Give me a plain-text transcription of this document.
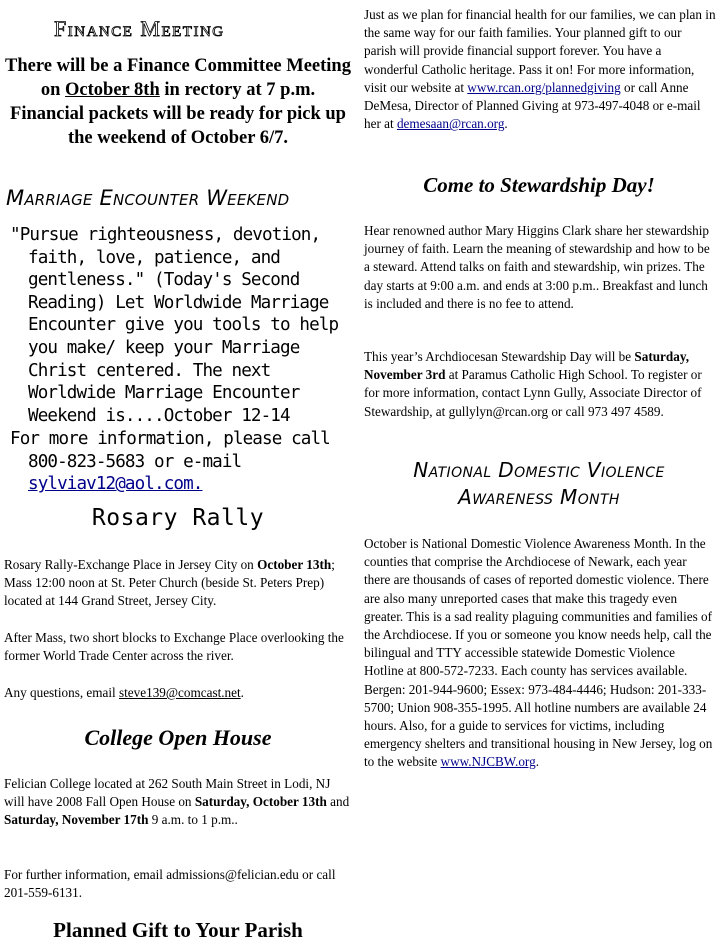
Finance Meeting

There will be a Finance Committee Meeting on October 8th in rectory at 7 p.m. Financial packets will be ready for pick up the weekend of October 6/7.

Marriage Encounter Weekend

"Pursue righteousness, devotion, faith, love, patience, and gentleness." (Today's Second Reading) Let Worldwide Marriage Encounter give you tools to help you make/ keep your Marriage Christ centered. The next Worldwide Marriage Encounter Weekend is....October 12-14

For more information, please call 800-823-5683 or e-mail sylviav12@aol.com.

Rosary Rally

Rosary Rally-Exchange Place in Jersey City on October 13th; Mass 12:00 noon at St. Peter Church (beside St. Peters Prep) located at 144 Grand Street, Jersey City.

After Mass, two short blocks to Exchange Place overlooking the former World Trade Center across the river.

Any questions, email steve139@comcast.net.

College Open House

Felician College located at 262 South Main Street in Lodi, NJ will have 2008 Fall Open House on Saturday, October 13th and Saturday, November 17th 9 a.m. to 1 p.m..

For further information, email admissions@felician.edu or call 201-559-6131.

Planned Gift to Your Parish

Just as we plan for financial health for our families, we can plan in the same way for our faith families. Your planned gift to our parish will provide financial support forever. You have a wonderful Catholic heritage. Pass it on! For more information, visit our website at www.rcan.org/plannedgiving or call Anne DeMesa, Director of Planned Giving at 973-497-4048 or e-mail her at demesaan@rcan.org.

Come to Stewardship Day!

Hear renowned author Mary Higgins Clark share her stewardship journey of faith. Learn the meaning of stewardship and how to be a steward. Attend talks on faith and stewardship, win prizes. The day starts at 9:00 a.m. and ends at 3:00 p.m.. Breakfast and lunch is included and there is no fee to attend.

This year’s Archdiocesan Stewardship Day will be Saturday, November 3rd at Paramus Catholic High School. To register or for more information, contact Lynn Gully, Associate Director of Stewardship, at gullylyn@rcan.org or call 973 497 4589.

National Domestic Violence
Awareness Month

October is National Domestic Violence Awareness Month. In the counties that comprise the Archdiocese of Newark, each year there are thousands of cases of reported domestic violence. There are also many unreported cases that make this tragedy even greater. This is a sad reality plaguing communities and families of the Archdiocese. If you or someone you know needs help, call the bilingual and TTY accessible statewide Domestic Violence Hotline at 800-572-7233. Each county has services available. Bergen: 201-944-9600; Essex: 973-484-4446; Hudson: 201-333-5700; Union 908-355-1995. All hotline numbers are available 24 hours. Also, for a guide to services for victims, including emergency shelters and transitional housing in New Jersey, log on to the website www.NJCBW.org.
